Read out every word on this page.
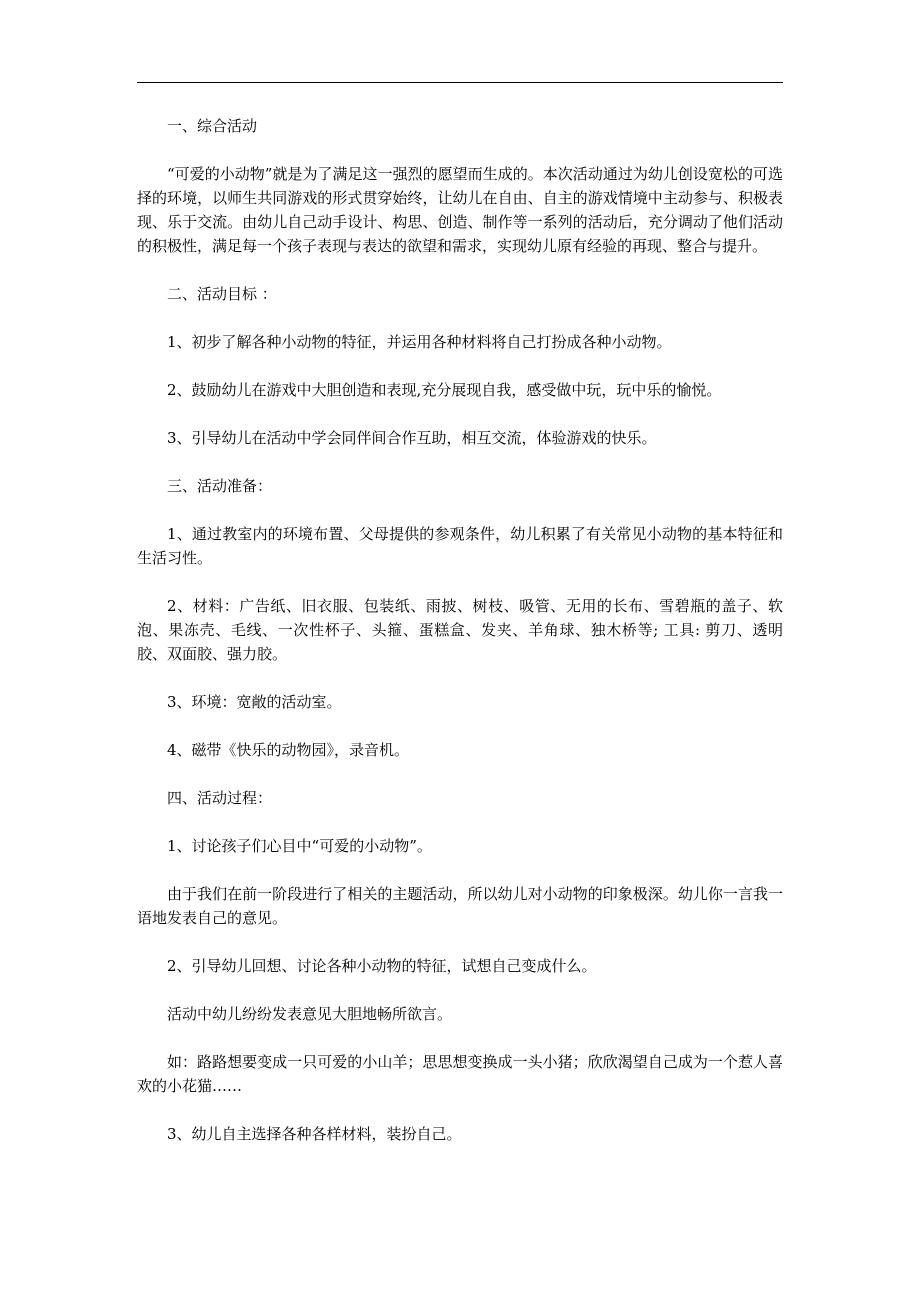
一、综合活动

“可爱的小动物”就是为了满足这一强烈的愿望而生成的。本次活动通过为幼儿创设宽松的可选择的环境，以师生共同游戏的形式贯穿始终，让幼儿在自由、自主的游戏情境中主动参与、积极表现、乐于交流。由幼儿自己动手设计、构思、创造、制作等一系列的活动后，充分调动了他们活动的积极性，满足每一个孩子表现与表达的欲望和需求，实现幼儿原有经验的再现、整合与提升。

二、活动目标 ：

1、初步了解各种小动物的特征，并运用各种材料将自己打扮成各种小动物。

2、鼓励幼儿在游戏中大胆创造和表现,充分展现自我，感受做中玩，玩中乐的愉悦。

3、引导幼儿在活动中学会同伴间合作互助，相互交流，体验游戏的快乐。

三、活动准备：

1、通过教室内的环境布置、父母提供的参观条件，幼儿积累了有关常见小动物的基本特征和生活习性。

2、材料：广告纸、旧衣服、包装纸、雨披、树枝、吸管、无用的长布、雪碧瓶的盖子、软泡、果冻壳、毛线、一次性杯子、头箍、蛋糕盒、发夹、羊角球、独木桥等; 工具: 剪刀、透明胶、双面胶、强力胶。

3、环境：宽敞的活动室。

4、磁带《快乐的动物园》，录音机。

四、活动过程：

1、讨论孩子们心目中“可爱的小动物”。

由于我们在前一阶段进行了相关的主题活动，所以幼儿对小动物的印象极深。幼儿你一言我一语地发表自己的意见。

2、引导幼儿回想、讨论各种小动物的特征，试想自己变成什么。

活动中幼儿纷纷发表意见大胆地畅所欲言。

如：路路想要变成一只可爱的小山羊；思思想变换成一头小猪；欣欣渴望自己成为一个惹人喜欢的小花猫……

3、幼儿自主选择各种各样材料，装扮自己。
